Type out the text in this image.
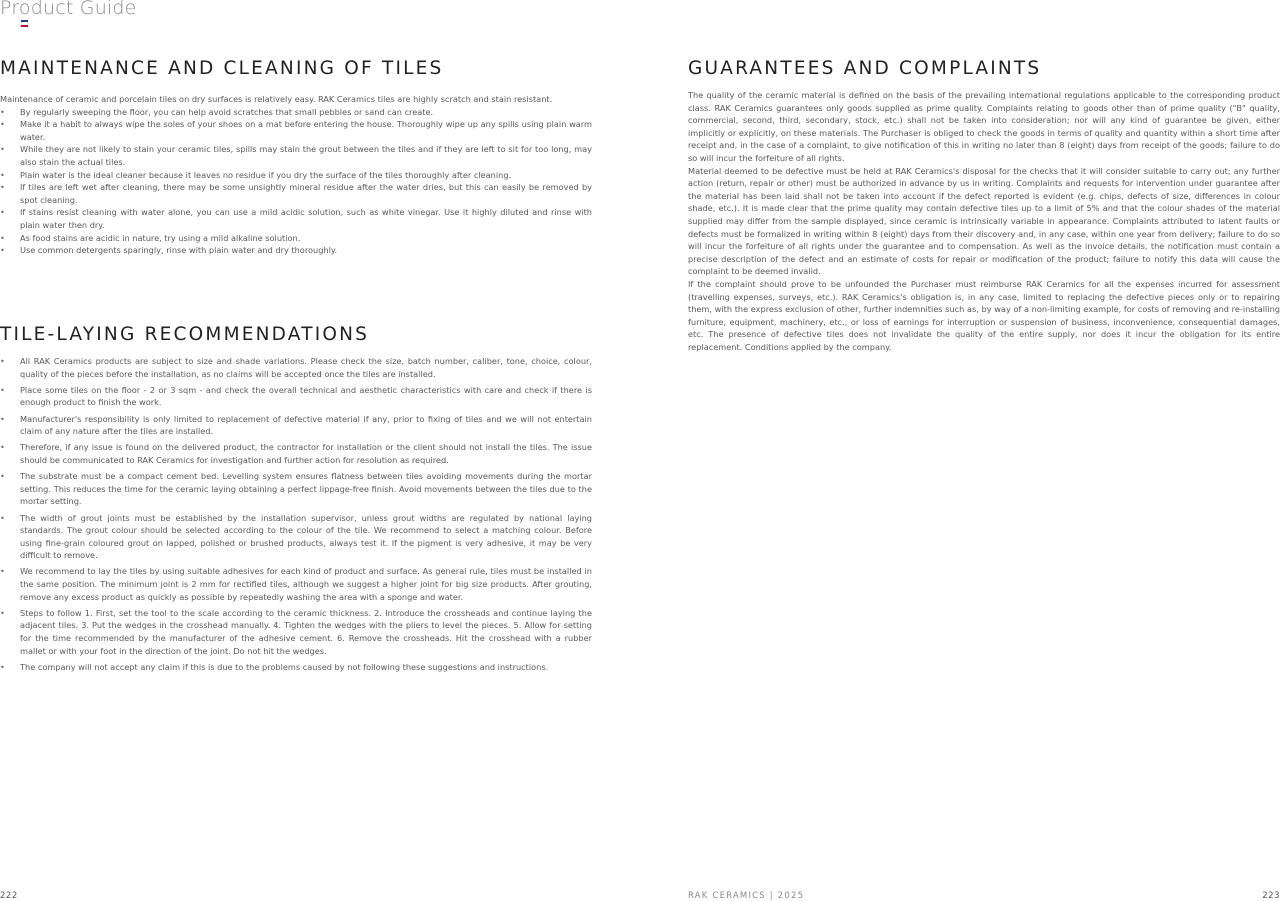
Product Guide
MAINTENANCE AND CLEANING OF TILES

Maintenance of ceramic and porcelain tiles on dry surfaces is relatively easy. RAK Ceramics tiles are highly scratch and stain resistant.

• By regularly sweeping the floor, you can help avoid scratches that small pebbles or sand can create.
• Make it a habit to always wipe the soles of your shoes on a mat before entering the house. Thoroughly wipe up any spills using plain warm water.
• While they are not likely to stain your ceramic tiles, spills may stain the grout between the tiles and if they are left to sit for too long, may also stain the actual tiles.
• Plain water is the ideal cleaner because it leaves no residue if you dry the surface of the tiles thoroughly after cleaning.
• If tiles are left wet after cleaning, there may be some unsightly mineral residue after the water dries, but this can easily be removed by spot cleaning.
• If stains resist cleaning with water alone, you can use a mild acidic solution, such as white vinegar. Use it highly diluted and rinse with plain water then dry.
• As food stains are acidic in nature, try using a mild alkaline solution.
• Use common detergents sparingly, rinse with plain water and dry thoroughly.
TILE-LAYING RECOMMENDATIONS
• All RAK Ceramics products are subject to size and shade variations. Please check the size, batch number, caliber, tone, choice, colour, quality of the pieces before the installation, as no claims will be accepted once the tiles are installed.
• Place some tiles on the floor - 2 or 3 sqm - and check the overall technical and aesthetic characteristics with care and check if there is enough product to finish the work.
• Manufacturer's responsibility is only limited to replacement of defective material if any, prior to fixing of tiles and we will not entertain claim of any nature after the tiles are installed.
• Therefore, if any issue is found on the delivered product, the contractor for installation or the client should not install the tiles. The issue should be communicated to RAK Ceramics for investigation and further action for resolution as required.
• The substrate must be a compact cement bed. Levelling system ensures flatness between tiles avoiding movements during the mortar setting. This reduces the time for the ceramic laying obtaining a perfect lippage-free finish. Avoid movements between the tiles due to the mortar setting.
• The width of grout joints must be established by the installation supervisor, unless grout widths are regulated by national laying standards. The grout colour should be selected according to the colour of the tile. We recommend to select a matching colour. Before using fine-grain coloured grout on lapped, polished or brushed products, always test it. If the pigment is very adhesive, it may be very difficult to remove.
• We recommend to lay the tiles by using suitable adhesives for each kind of product and surface. As general rule, tiles must be installed in the same position. The minimum joint is 2 mm for rectified tiles, although we suggest a higher joint for big size products. After grouting, remove any excess product as quickly as possible by repeatedly washing the area with a sponge and water.
• Steps to follow 1. First, set the tool to the scale according to the ceramic thickness. 2. Introduce the crossheads and continue laying the adjacent tiles. 3. Put the wedges in the crosshead manually. 4. Tighten the wedges with the pliers to level the pieces. 5. Allow for setting for the time recommended by the manufacturer of the adhesive cement. 6. Remove the crossheads. Hit the crosshead with a rubber mallet or with your foot in the direction of the joint. Do not hit the wedges.
• The company will not accept any claim if this is due to the problems caused by not following these suggestions and instructions.
GUARANTEES AND COMPLAINTS

The quality of the ceramic material is defined on the basis of the prevailing international regulations applicable to the corresponding product class. RAK Ceramics guarantees only goods supplied as prime quality. Complaints relating to goods other than of prime quality ("B" quality, commercial, second, third, secondary, stock, etc.) shall not be taken into consideration; nor will any kind of guarantee be given, either implicitly or explicitly, on these materials. The Purchaser is obliged to check the goods in terms of quality and quantity within a short time after receipt and, in the case of a complaint, to give notification of this in writing no later than 8 (eight) days from receipt of the goods; failure to do so will incur the forfeiture of all rights.

Material deemed to be defective must be held at RAK Ceramics's disposal for the checks that it will consider suitable to carry out; any further action (return, repair or other) must be authorized in advance by us in writing. Complaints and requests for intervention under guarantee after the material has been laid shall not be taken into account if the defect reported is evident (e.g. chips, defects of size, differences in colour shade, etc.). It is made clear that the prime quality may contain defective tiles up to a limit of 5% and that the colour shades of the material supplied may differ from the sample displayed, since ceramic is intrinsically variable in appearance. Complaints attributed to latent faults or defects must be formalized in writing within 8 (eight) days from their discovery and, in any case, within one year from delivery; failure to do so will incur the forfeiture of all rights under the guarantee and to compensation. As well as the invoice details, the notification must contain a precise description of the defect and an estimate of costs for repair or modification of the product; failure to notify this data will cause the complaint to be deemed invalid.

If the complaint should prove to be unfounded the Purchaser must reimburse RAK Ceramics for all the expenses incurred for assessment (travelling expenses, surveys, etc.). RAK Ceramics's obligation is, in any case, limited to replacing the defective pieces only or to repairing them, with the express exclusion of other, further indemnities such as, by way of a non-limiting example, for costs of removing and re-installing furniture, equipment, machinery, etc., or loss of earnings for interruption or suspension of business, inconvenience, consequential damages, etc. The presence of defective tiles does not invalidate the quality of the entire supply, nor does it incur the obligation for its entire replacement. Conditions applied by the company.

222	RAK CERAMICS | 2025	223
